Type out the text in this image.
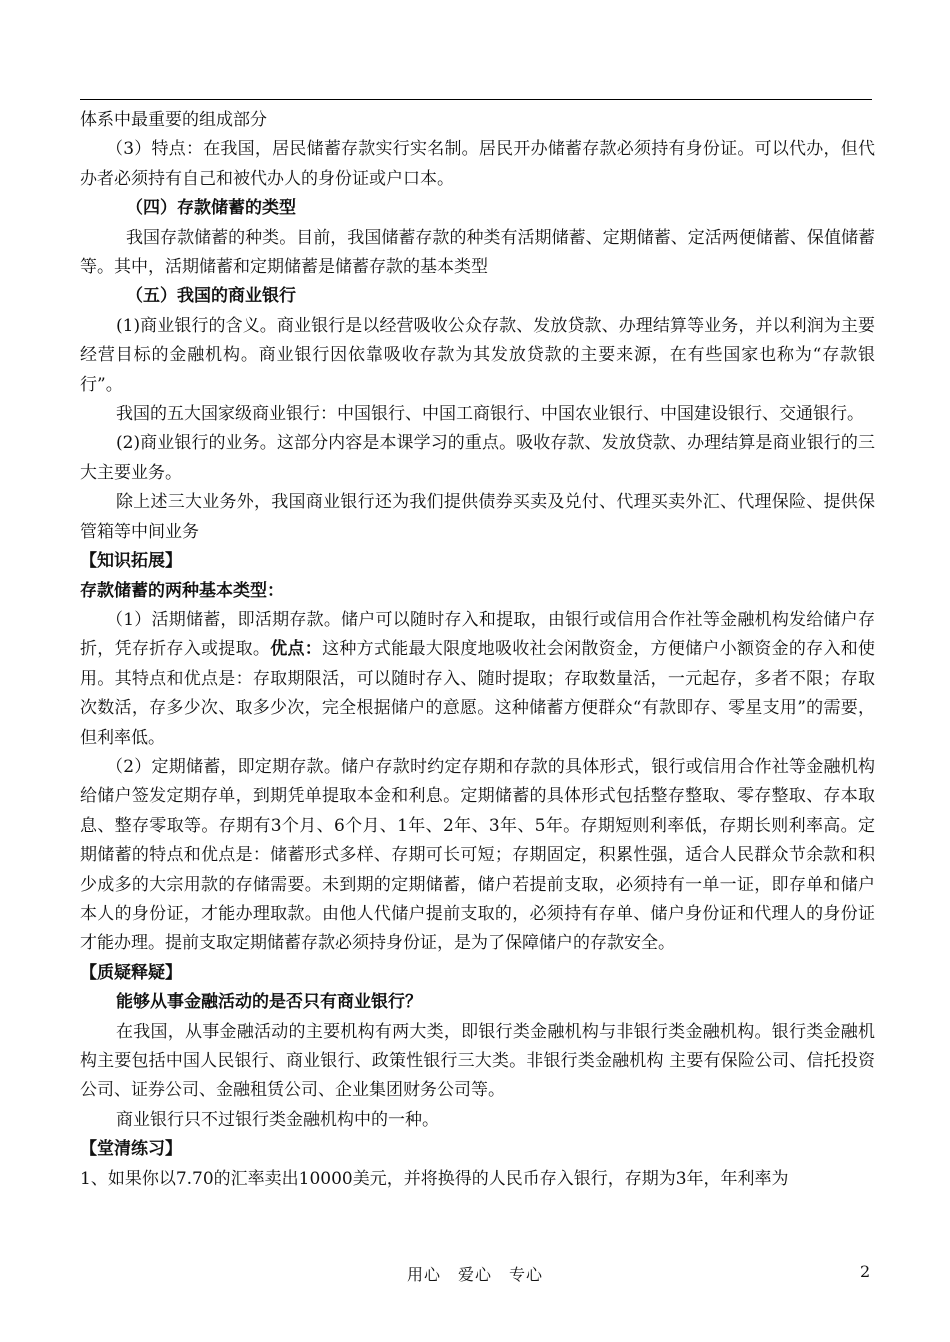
体系中最重要的组成部分

（3）特点：在我国，居民储蓄存款实行实名制。居民开办储蓄存款必须持有身份证。可以代办，但代办者必须持有自己和被代办人的身份证或户口本。

（四）存款储蓄的类型

我国存款储蓄的种类。目前，我国储蓄存款的种类有活期储蓄、定期储蓄、定活两便储蓄、保值储蓄等。其中，活期储蓄和定期储蓄是储蓄存款的基本类型

（五）我国的商业银行

(1)商业银行的含义。商业银行是以经营吸收公众存款、发放贷款、办理结算等业务，并以利润为主要经营目标的金融机构。商业银行因依靠吸收存款为其发放贷款的主要来源，在有些国家也称为“存款银行”。

我国的五大国家级商业银行：中国银行、中国工商银行、中国农业银行、中国建设银行、交通银行。

(2)商业银行的业务。这部分内容是本课学习的重点。吸收存款、发放贷款、办理结算是商业银行的三大主要业务。

除上述三大业务外，我国商业银行还为我们提供债券买卖及兑付、代理买卖外汇、代理保险、提供保管箱等中间业务

【知识拓展】

存款储蓄的两种基本类型：

（1）活期储蓄，即活期存款。储户可以随时存入和提取，由银行或信用合作社等金融机构发给储户存折，凭存折存入或提取。优点：这种方式能最大限度地吸收社会闲散资金，方便储户小额资金的存入和使用。其特点和优点是：存取期限活，可以随时存入、随时提取；存取数量活，一元起存，多者不限；存取次数活，存多少次、取多少次，完全根据储户的意愿。这种储蓄方便群众“有款即存、零星支用”的需要，但利率低。

（2）定期储蓄，即定期存款。储户存款时约定存期和存款的具体形式，银行或信用合作社等金融机构给储户签发定期存单，到期凭单提取本金和利息。定期储蓄的具体形式包括整存整取、零存整取、存本取息、整存零取等。存期有3个月、6个月、1年、2年、3年、5年。存期短则利率低，存期长则利率高。定期储蓄的特点和优点是：储蓄形式多样、存期可长可短；存期固定，积累性强，适合人民群众节余款和积少成多的大宗用款的存储需要。未到期的定期储蓄，储户若提前支取，必须持有一单一证，即存单和储户本人的身份证，才能办理取款。由他人代储户提前支取的，必须持有存单、储户身份证和代理人的身份证才能办理。提前支取定期储蓄存款必须持身份证，是为了保障储户的存款安全。

【质疑释疑】

能够从事金融活动的是否只有商业银行？

在我国，从事金融活动的主要机构有两大类，即银行类金融机构与非银行类金融机构。银行类金融机构主要包括中国人民银行、商业银行、政策性银行三大类。非银行类金融机构 主要有保险公司、信托投资公司、证券公司、金融租赁公司、企业集团财务公司等。

商业银行只不过银行类金融机构中的一种。

【堂清练习】

1、如果你以7.70的汇率卖出10000美元，并将换得的人民币存入银行，存期为3年，年利率为

用心　爱心　专心	2
